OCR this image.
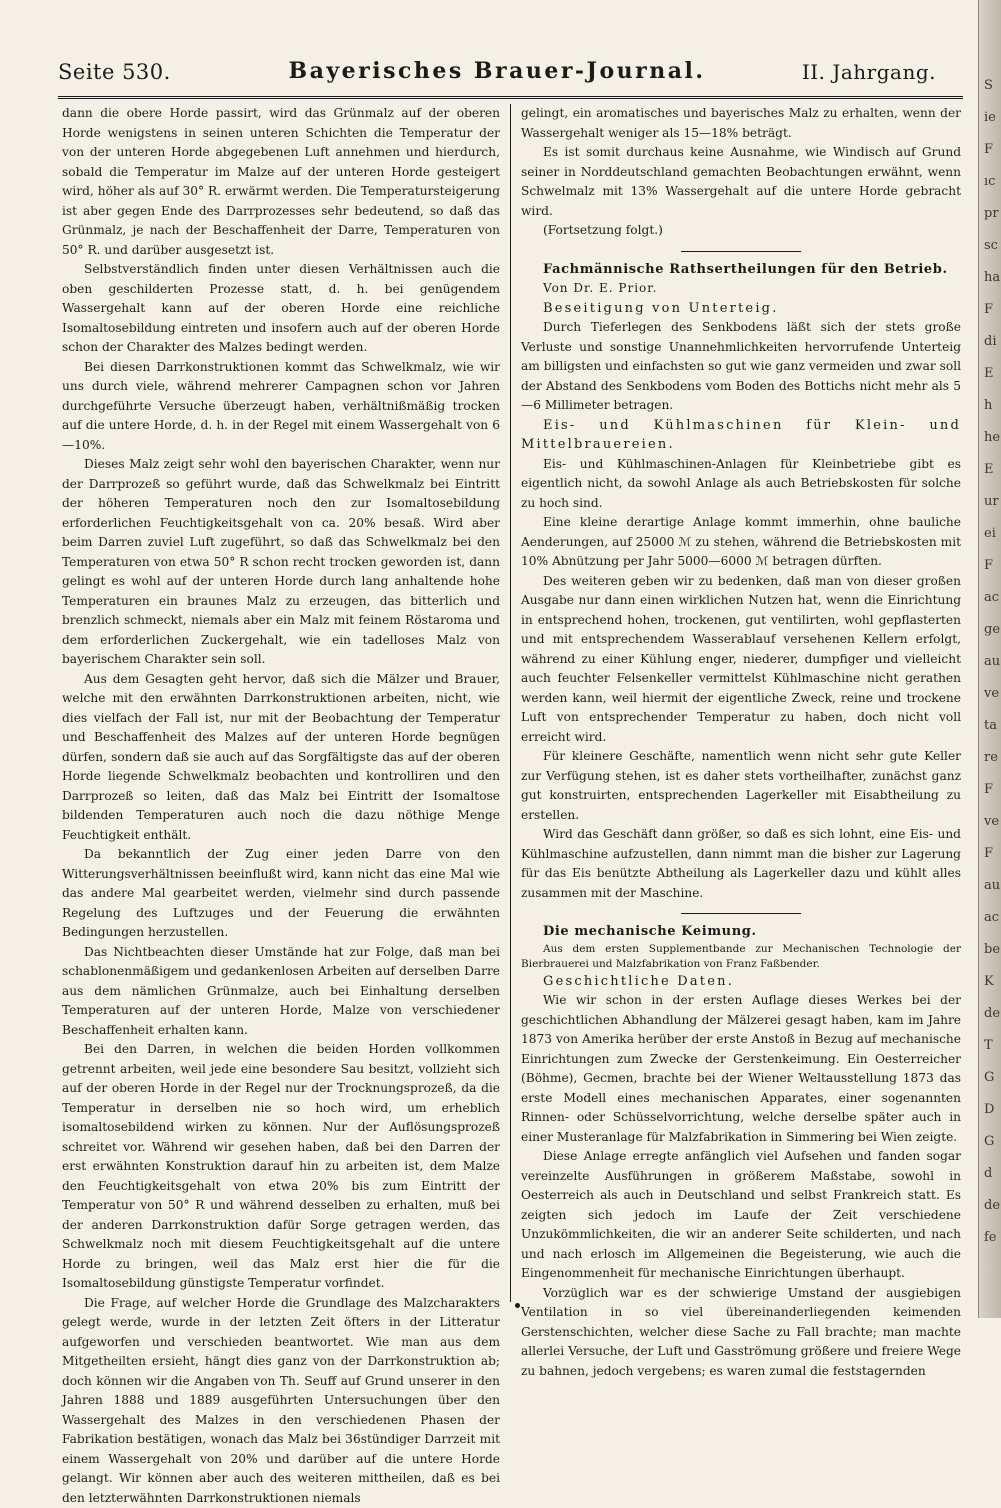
Seite 530.	Bayerisches Brauer-Journal.	II. Jahrgang.

dann die obere Horde passirt, wird das Grünmalz auf der oberen Horde wenigstens in seinen unteren Schichten die Temperatur der von der unteren Horde abgegebenen Luft annehmen und hierdurch, sobald die Temperatur im Malze auf der unteren Horde gesteigert wird, höher als auf 30° R. erwärmt werden. Die Temperatursteigerung ist aber gegen Ende des Darrprozesses sehr bedeutend, so daß das Grünmalz, je nach der Beschaffenheit der Darre, Temperaturen von 50° R. und darüber ausgesetzt ist.

Selbstverständlich finden unter diesen Verhältnissen auch die oben geschilderten Prozesse statt, d. h. bei genügendem Wassergehalt kann auf der oberen Horde eine reichliche Isomaltosebildung eintreten und insofern auch auf der oberen Horde schon der Charakter des Malzes bedingt werden.

Bei diesen Darrkonstruktionen kommt das Schwelkmalz, wie wir uns durch viele, während mehrerer Campagnen schon vor Jahren durchgeführte Versuche überzeugt haben, verhältnißmäßig trocken auf die untere Horde, d. h. in der Regel mit einem Wassergehalt von 6—10%.

Dieses Malz zeigt sehr wohl den bayerischen Charakter, wenn nur der Darrprozeß so geführt wurde, daß das Schwelkmalz bei Eintritt der höheren Temperaturen noch den zur Isomaltosebildung erforderlichen Feuchtigkeitsgehalt von ca. 20% besaß. Wird aber beim Darren zuviel Luft zugeführt, so daß das Schwelkmalz bei den Temperaturen von etwa 50° R schon recht trocken geworden ist, dann gelingt es wohl auf der unteren Horde durch lang anhaltende hohe Temperaturen ein braunes Malz zu erzeugen, das bitterlich und brenzlich schmeckt, niemals aber ein Malz mit feinem Röstaroma und dem erforderlichen Zuckergehalt, wie ein tadelloses Malz von bayerischem Charakter sein soll.

Aus dem Gesagten geht hervor, daß sich die Mälzer und Brauer, welche mit den erwähnten Darrkonstruktionen arbeiten, nicht, wie dies vielfach der Fall ist, nur mit der Beobachtung der Temperatur und Beschaffenheit des Malzes auf der unteren Horde begnügen dürfen, sondern daß sie auch auf das Sorgfältigste das auf der oberen Horde liegende Schwelkmalz beobachten und kontrolliren und den Darrprozeß so leiten, daß das Malz bei Eintritt der Isomaltose bildenden Temperaturen auch noch die dazu nöthige Menge Feuchtigkeit enthält.

Da bekanntlich der Zug einer jeden Darre von den Witterungsverhältnissen beeinflußt wird, kann nicht das eine Mal wie das andere Mal gearbeitet werden, vielmehr sind durch passende Regelung des Luftzuges und der Feuerung die erwähnten Bedingungen herzustellen.

Das Nichtbeachten dieser Umstände hat zur Folge, daß man bei schablonenmäßigem und gedankenlosen Arbeiten auf derselben Darre aus dem nämlichen Grünmalze, auch bei Einhaltung derselben Temperaturen auf der unteren Horde, Malze von verschiedener Beschaffenheit erhalten kann.

Bei den Darren, in welchen die beiden Horden vollkommen getrennt arbeiten, weil jede eine besondere Sau besitzt, vollzieht sich auf der oberen Horde in der Regel nur der Trocknungsprozeß, da die Temperatur in derselben nie so hoch wird, um erheblich isomaltosebildend wirken zu können. Nur der Auflösungsprozeß schreitet vor. Während wir gesehen haben, daß bei den Darren der erst erwähnten Konstruktion darauf hin zu arbeiten ist, dem Malze den Feuchtigkeitsgehalt von etwa 20% bis zum Eintritt der Temperatur von 50° R und während desselben zu erhalten, muß bei der anderen Darrkonstruktion dafür Sorge getragen werden, das Schwelkmalz noch mit diesem Feuchtigkeitsgehalt auf die untere Horde zu bringen, weil das Malz erst hier die für die Isomaltosebildung günstigste Temperatur vorfindet.

Die Frage, auf welcher Horde die Grundlage des Malzcharakters gelegt werde, wurde in der letzten Zeit öfters in der Litteratur aufgeworfen und verschieden beantwortet. Wie man aus dem Mitgetheilten ersieht, hängt dies ganz von der Darrkonstruktion ab; doch können wir die Angaben von Th. Seuff auf Grund unserer in den Jahren 1888 und 1889 ausgeführten Untersuchungen über den Wassergehalt des Malzes in den verschiedenen Phasen der Fabrikation bestätigen, wonach das Malz bei 36stündiger Darrzeit mit einem Wassergehalt von 20% und darüber auf die untere Horde gelangt. Wir können aber auch des weiteren mittheilen, daß es bei den letzterwähnten Darrkonstruktionen niemals

gelingt, ein aromatisches und bayerisches Malz zu erhalten, wenn der Wassergehalt weniger als 15—18% beträgt.

Es ist somit durchaus keine Ausnahme, wie Windisch auf Grund seiner in Norddeutschland gemachten Beobachtungen erwähnt, wenn Schwelmalz mit 13% Wassergehalt auf die untere Horde gebracht wird.

(Fortsetzung folgt.)

Fachmännische Rathsertheilungen für den Betrieb.

Von Dr. E. Prior.

Beseitigung von Unterteig.

Durch Tieferlegen des Senkbodens läßt sich der stets große Verluste und sonstige Unannehmlichkeiten hervorrufende Unterteig am billigsten und einfachsten so gut wie ganz vermeiden und zwar soll der Abstand des Senkbodens vom Boden des Bottichs nicht mehr als 5—6 Millimeter betragen.

Eis- und Kühlmaschinen für Klein- und Mittelbrauereien.

Eis- und Kühlmaschinen-Anlagen für Kleinbetriebe gibt es eigentlich nicht, da sowohl Anlage als auch Betriebskosten für solche zu hoch sind.

Eine kleine derartige Anlage kommt immerhin, ohne bauliche Aenderungen, auf 25000 ℳ zu stehen, während die Betriebskosten mit 10% Abnützung per Jahr 5000—6000 ℳ betragen dürften.

Des weiteren geben wir zu bedenken, daß man von dieser großen Ausgabe nur dann einen wirklichen Nutzen hat, wenn die Einrichtung in entsprechend hohen, trockenen, gut ventilirten, wohl gepflasterten und mit entsprechendem Wasserablauf versehenen Kellern erfolgt, während zu einer Kühlung enger, niederer, dumpfiger und vielleicht auch feuchter Felsenkeller vermittelst Kühlmaschine nicht gerathen werden kann, weil hiermit der eigentliche Zweck, reine und trockene Luft von entsprechender Temperatur zu haben, doch nicht voll erreicht wird.

Für kleinere Geschäfte, namentlich wenn nicht sehr gute Keller zur Verfügung stehen, ist es daher stets vortheilhafter, zunächst ganz gut konstruirten, entsprechenden Lagerkeller mit Eisabtheilung zu erstellen.

Wird das Geschäft dann größer, so daß es sich lohnt, eine Eis- und Kühlmaschine aufzustellen, dann nimmt man die bisher zur Lagerung für das Eis benützte Abtheilung als Lagerkeller dazu und kühlt alles zusammen mit der Maschine.

Die mechanische Keimung.

Aus dem ersten Supplementbande zur Mechanischen Technologie der Bierbrauerei und Malzfabrikation von Franz Faßbender.

Geschichtliche Daten.

Wie wir schon in der ersten Auflage dieses Werkes bei der geschichtlichen Abhandlung der Mälzerei gesagt haben, kam im Jahre 1873 von Amerika herüber der erste Anstoß in Bezug auf mechanische Einrichtungen zum Zwecke der Gerstenkeimung. Ein Oesterreicher (Böhme), Gecmen, brachte bei der Wiener Weltausstellung 1873 das erste Modell eines mechanischen Apparates, einer sogenannten Rinnen- oder Schüsselvorrichtung, welche derselbe später auch in einer Musteranlage für Malzfabrikation in Simmering bei Wien zeigte.

Diese Anlage erregte anfänglich viel Aufsehen und fanden sogar vereinzelte Ausführungen in größerem Maßstabe, sowohl in Oesterreich als auch in Deutschland und selbst Frankreich statt. Es zeigten sich jedoch im Laufe der Zeit verschiedene Unzukömmlichkeiten, die wir an anderer Seite schilderten, und nach und nach erlosch im Allgemeinen die Begeisterung, wie auch die Eingenommenheit für mechanische Einrichtungen überhaupt.

Vorzüglich war es der schwierige Umstand der ausgiebigen Ventilation in so viel übereinanderliegenden keimenden Gerstenschichten, welcher diese Sache zu Fall brachte; man machte allerlei Versuche, der Luft und Gasströmung größere und freiere Wege zu bahnen, jedoch vergebens; es waren zumal die feststagernden

S
ie
F
ıc
pr
sc
ha
F
di
E
h
he
E
ur
ei
F
ac
ge
au
ve
ta
re
F
ve
F
au
ac
be
K
de
T
G
D
G
d
de
fe
